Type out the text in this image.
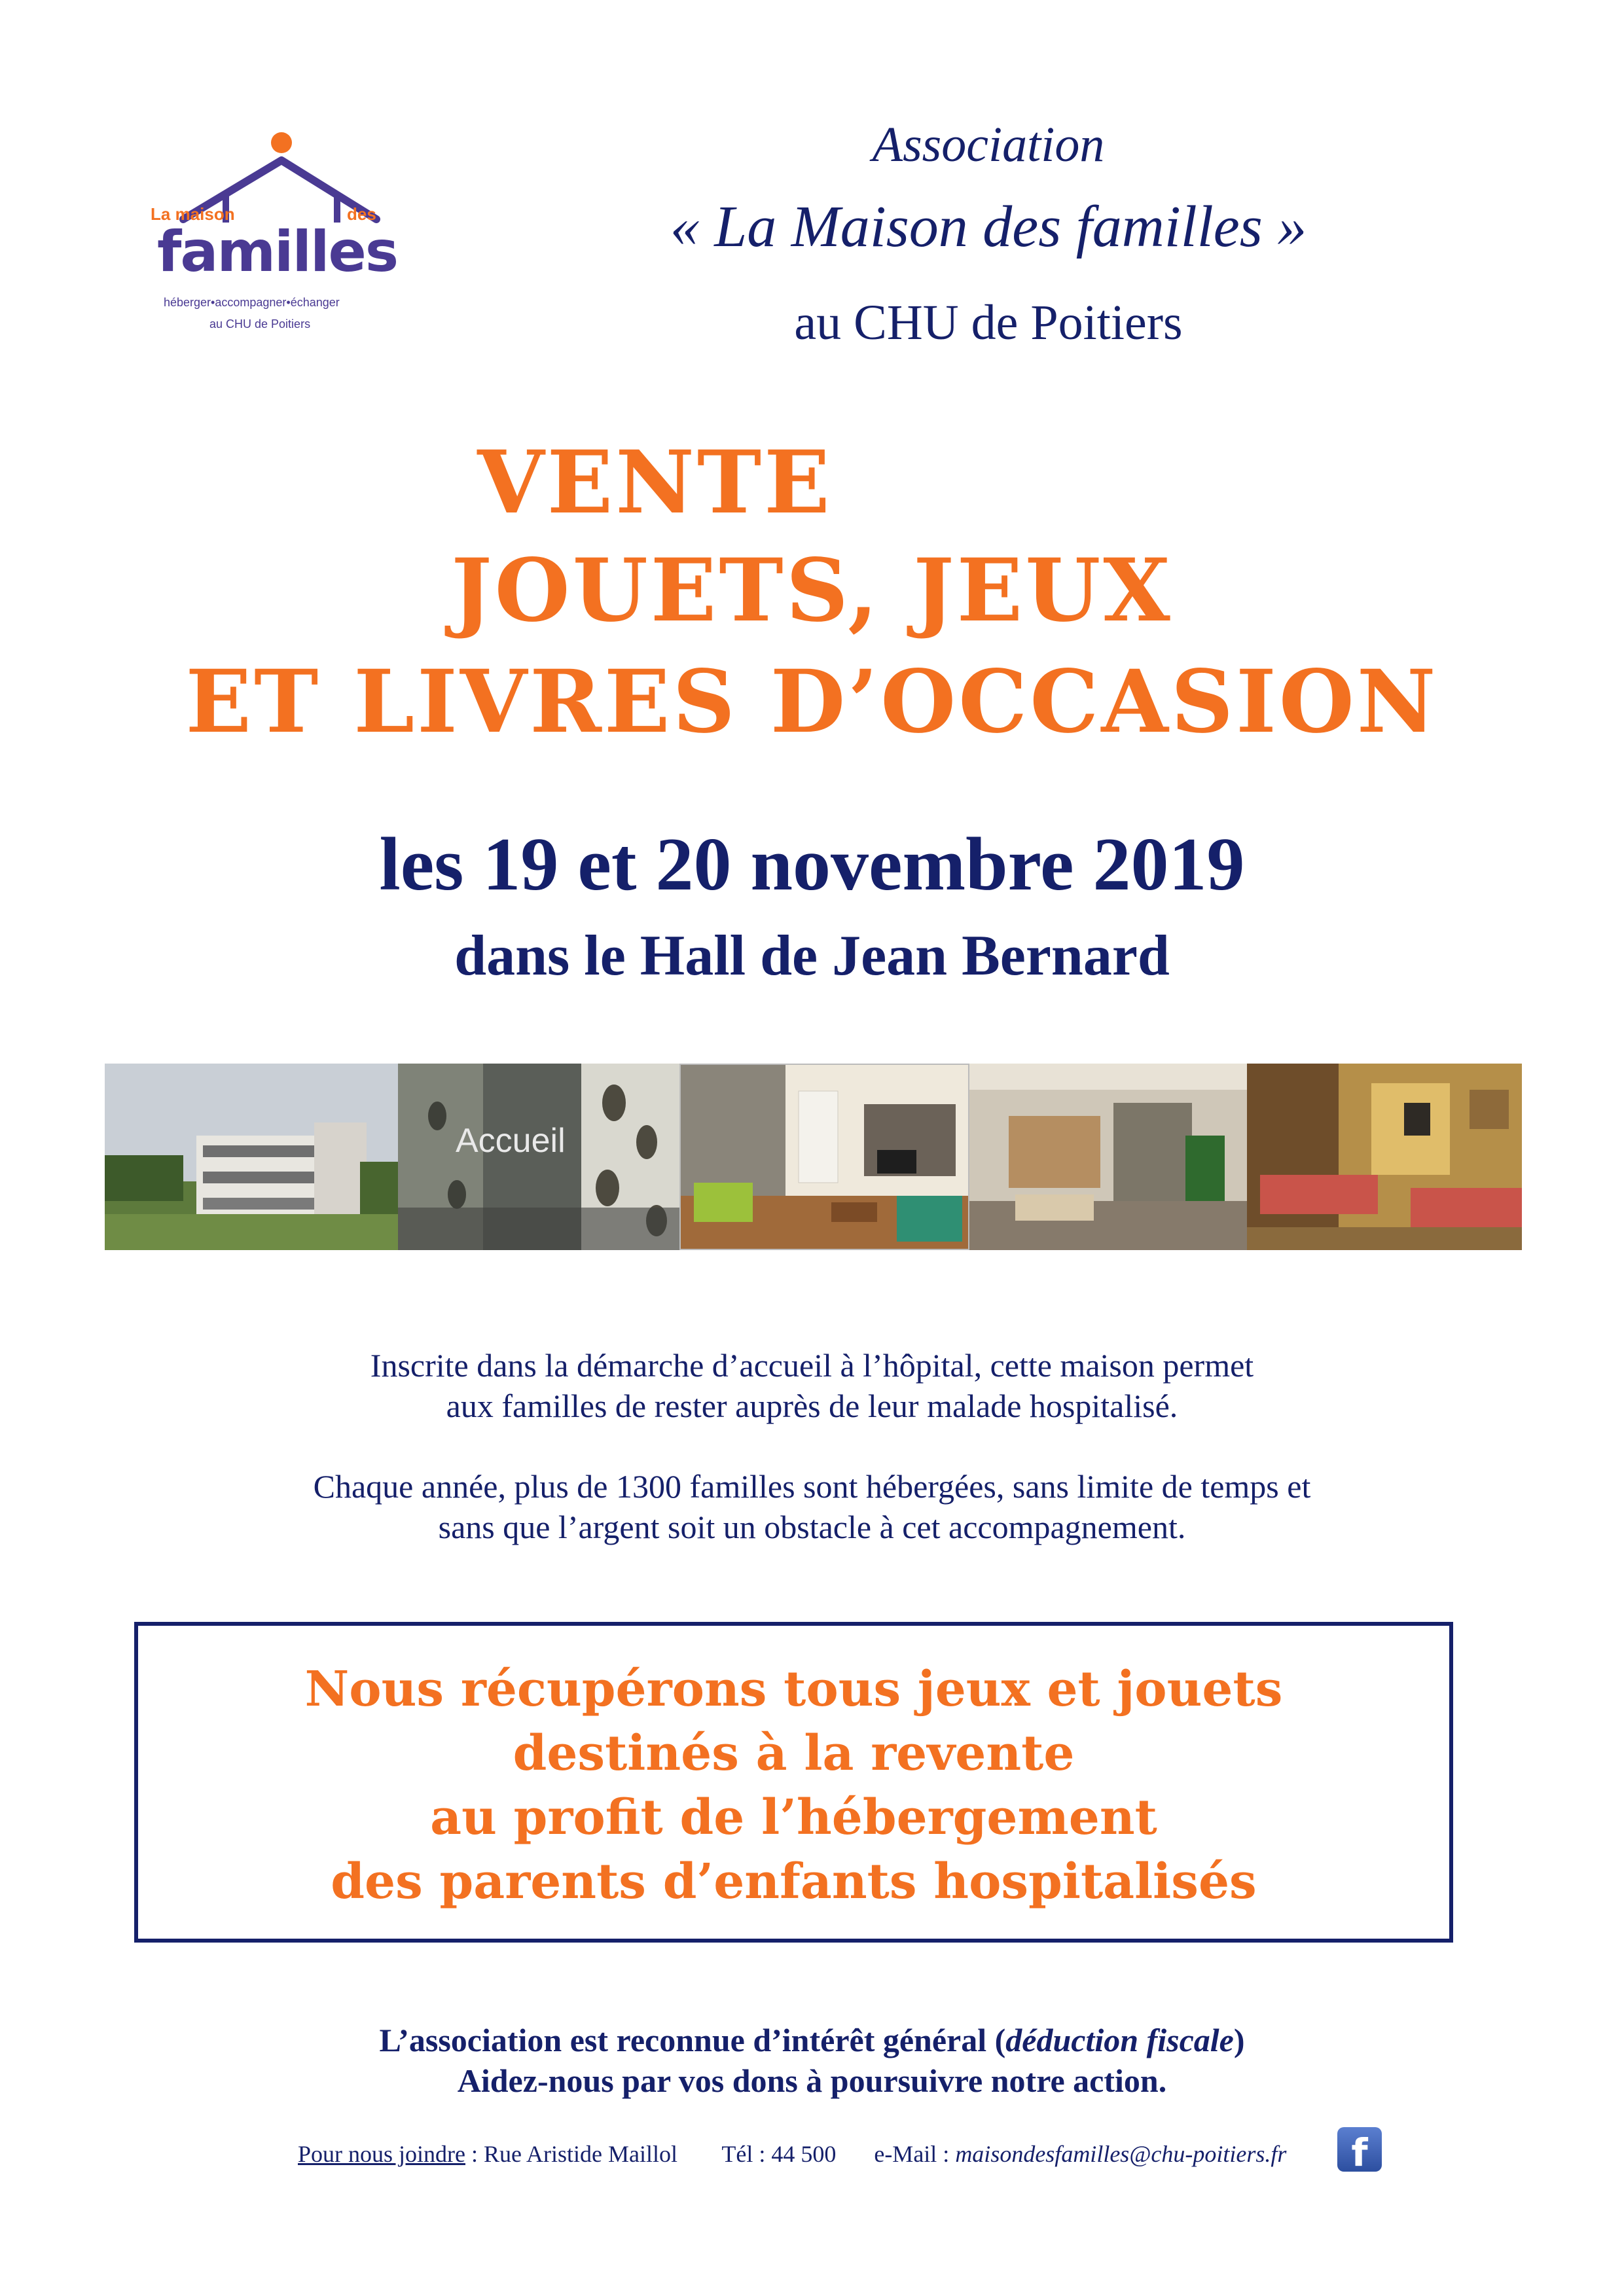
La maison	des
familles
héberger•accompagner•échanger
au CHU de Poitiers
Association
« La Maison des familles »
au CHU de Poitiers
VENTE
JOUETS, JEUX
ET LIVRES D’OCCASION
les 19 et 20 novembre 2019
dans le Hall de Jean Bernard
Accueil
Inscrite dans la démarche d’accueil à l’hôpital, cette maison permet
aux familles de rester auprès de leur malade hospitalisé.
Chaque année, plus de 1300 familles sont hébergées, sans limite de temps et
sans que l’argent soit un obstacle à cet accompagnement.
Nous récupérons tous jeux et jouets
destinés à la revente
au profit de l’hébergement
des parents d’enfants hospitalisés
L’association est reconnue d’intérêt général (déduction fiscale)
Aidez-nous par vos dons à poursuivre notre action.
Pour nous joindre : Rue Aristide Maillol Tél : 44 500 e-Mail : maisondesfamilles@chu-poitiers.fr	f
